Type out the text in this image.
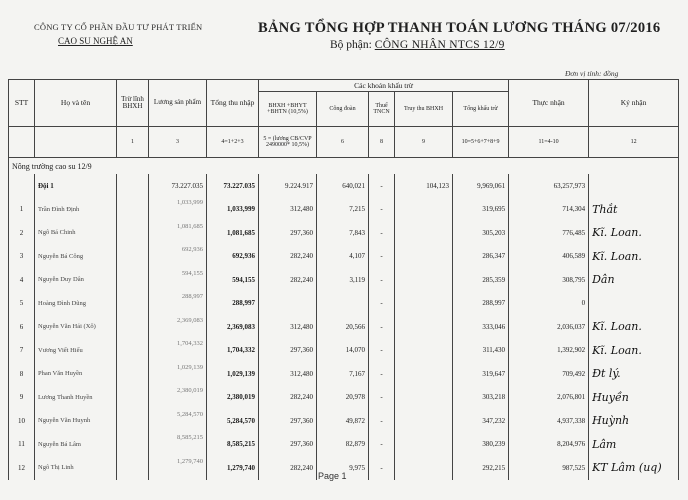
CÔNG TY CỔ PHẦN ĐẦU TƯ PHÁT TRIỂN
CAO SU NGHỆ AN
BẢNG TỔNG HỢP THANH TOÁN LƯƠNG THÁNG 07/2016
Bộ phận: CÔNG NHÂN NTCS 12/9
Đơn vị tính: đồng
STT	Họ và tên	Trừ lĩnh BHXH	Lương sản phẩm	Tổng thu nhập	Các khoản khấu trừ					Thực nhận	Ký nhận
					BHXH +BHYT +BHTN (10,5%)	Công đoàn	Thuế TNCN	Truy thu BHXH	Tổng khấu trừ		
		1	3	4=1+2+3	5 = (lương CB/CVP 2490000* 10,5%)	6	8	9	10=5+6+7+8+9	11=4-10	12
Nông trường cao su 12/9											
	Đội 1		73.227.035	73.227.035	9.224.917	640,021	-	104,123	9,969,061	63,257,973	
1	Trần Đình Định		1,033,999	1,033,999	312,480	7,215	-		319,695	714,304	Thắt
2	Ngô Bá Chinh		1,081,685	1,081,685	297,360	7,843	-		305,203	776,485	Kĩ. Loan.
3	Nguyễn Bá Công		692,936	692,936	282,240	4,107	-		286,347	406,589	Kĩ. Loan.
4	Nguyễn Duy Dân		594,155	594,155	282,240	3,119	-		285,359	308,795	Dân
5	Hoàng Đình Dũng		288,997	288,997			-		288,997	0	
6	Nguyễn Văn Hải (Xô)		2,369,083	2,369,083	312,480	20,566	-		333,046	2,036,037	Kĩ. Loan.
7	Vương Viết Hiếu		1,704,332	1,704,332	297,360	14,070	-		311,430	1,392,902	Kĩ. Loan.
8	Phan Văn Huyền		1,029,139	1,029,139	312,480	7,167	-		319,647	709,492	Đt lý.
9	Lương Thanh Huyền		2,380,019	2,380,019	282,240	20,978	-		303,218	2,076,801	Huyền
10	Nguyễn Văn Huynh		5,284,570	5,284,570	297,360	49,872	-		347,232	4,937,338	Huỳnh
11	Nguyễn Bá Lâm		8,585,215	8,585,215	297,360	82,879	-		380,239	8,204,976	Lâm
12	Ngô Thị Linh		1,279,740	1,279,740	282,240	9,975	-		292,215	987,525	KT Lâm (uq)
Page 1
